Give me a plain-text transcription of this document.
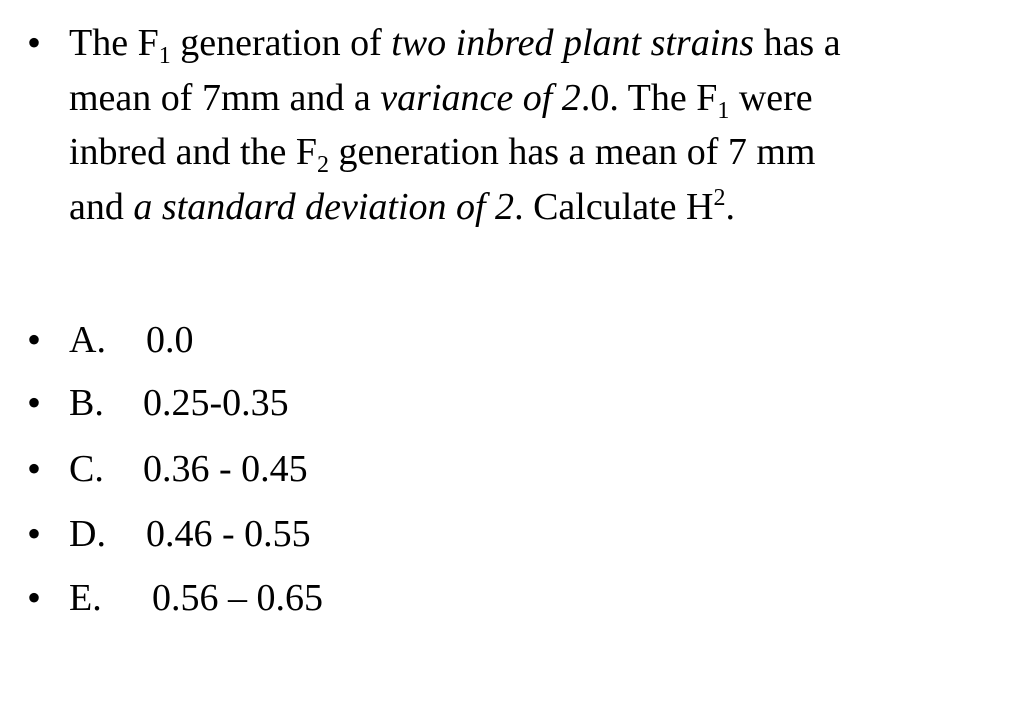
• The $F_1$ generation of two inbred plant strains has a
mean of 7mm and a variance of 2.0. The $F_1$ were
inbred and the $F_2$ generation has a mean of 7 mm
and a standard deviation of 2. Calculate $H^2$.
• A. 0.0
• B. 0.25-0.35
• C. 0.36 - 0.45
• D. 0.46 - 0.55
• E. 0.56 – 0.65
